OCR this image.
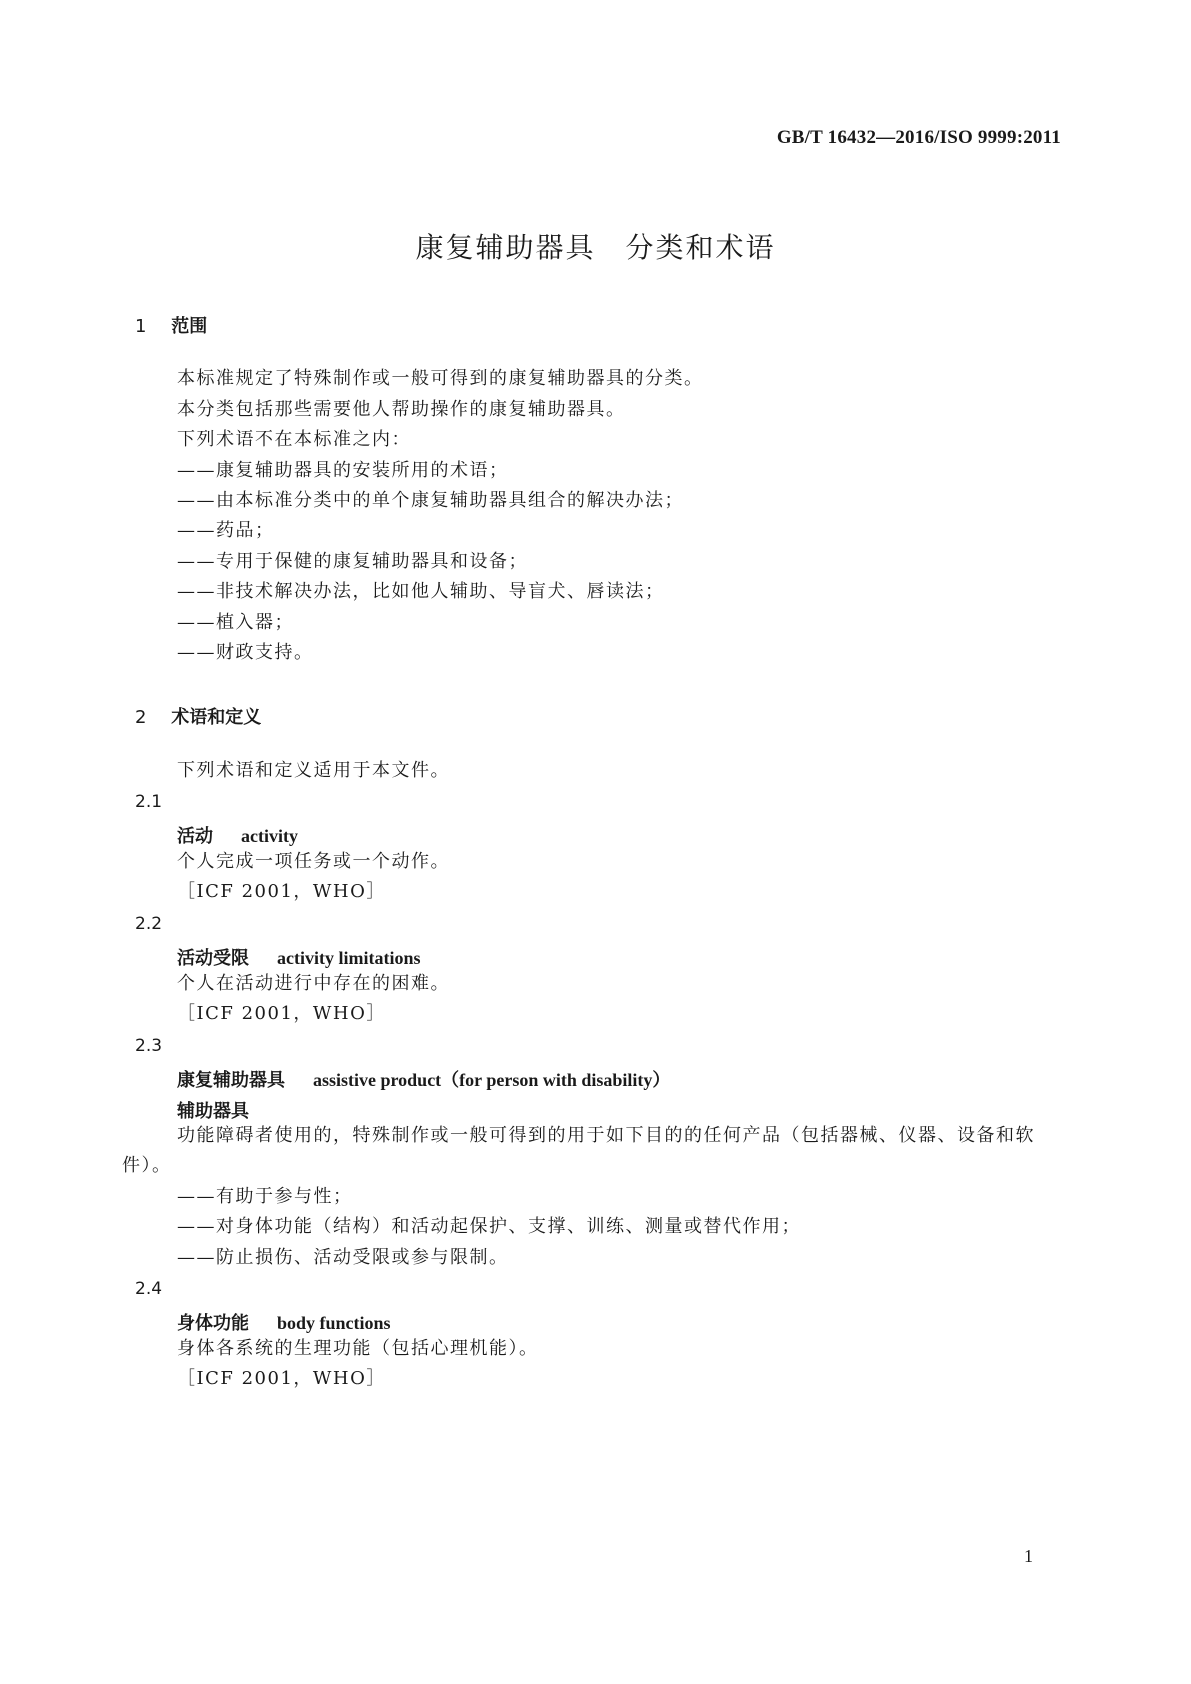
GB/T 16432—2016/ISO 9999:2011
康复辅助器具　分类和术语
1 范围
本标准规定了特殊制作或一般可得到的康复辅助器具的分类。
本分类包括那些需要他人帮助操作的康复辅助器具。
下列术语不在本标准之内：
——康复辅助器具的安装所用的术语；
——由本标准分类中的单个康复辅助器具组合的解决办法；
——药品；
——专用于保健的康复辅助器具和设备；
——非技术解决办法，比如他人辅助、导盲犬、唇读法；
——植入器；
——财政支持。
2 术语和定义
下列术语和定义适用于本文件。
2.1
活动 activity
个人完成一项任务或一个动作。
［ICF 2001，WHO］
2.2
活动受限 activity limitations
个人在活动进行中存在的困难。
［ICF 2001，WHO］
2.3
康复辅助器具 assistive product（for person with disability）
辅助器具
功能障碍者使用的，特殊制作或一般可得到的用于如下目的的任何产品（包括器械、仪器、设备和软
件）。
——有助于参与性；
——对身体功能（结构）和活动起保护、支撑、训练、测量或替代作用；
——防止损伤、活动受限或参与限制。
2.4
身体功能 body functions
身体各系统的生理功能（包括心理机能）。
［ICF 2001，WHO］
1
